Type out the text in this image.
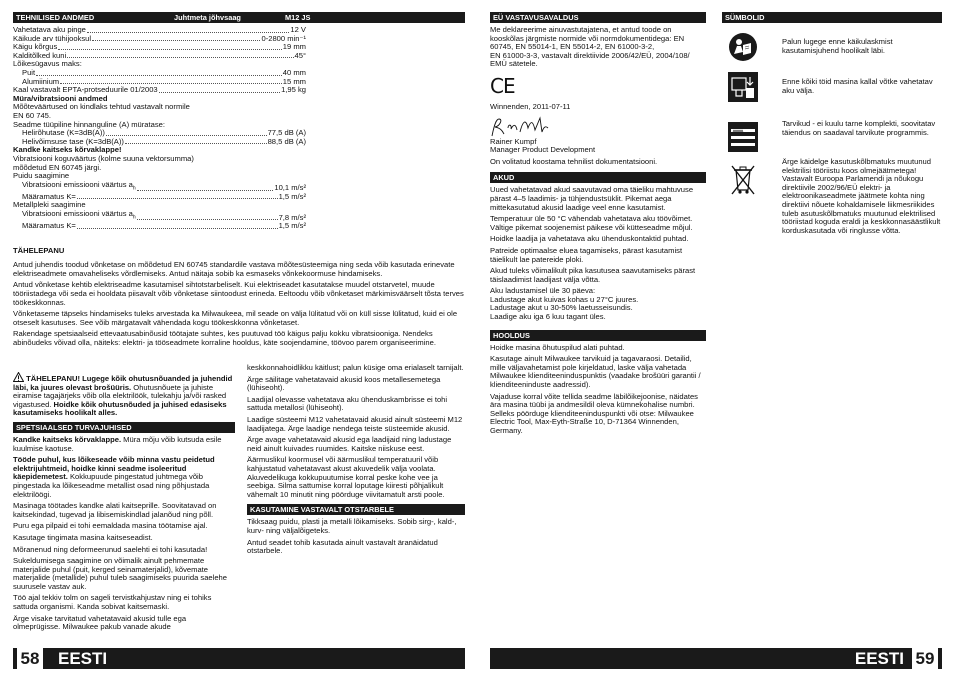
TEHNILISED ANDMED	Juhtmeta jõhvsaag	M12 JS
Vahetatava aku pinge	12 V
Käikude arv tühijooksul	0-2800 min⁻¹
Käigu kõrgus	19 mm
Kalditõlked kuni	45°
Lõikesügavus maks:
Puit	40 mm
Alumiinium	15 mm
Kaal vastavalt EPTA-protseduurile 01/2003	1,95 kg
Müra/vibratsiooni andmed
Mõõteväärtused on kindlaks tehtud vastavalt normile
EN 60 745.
Seadme tüüpiline hinnanguline (A) müratase:
Helirõhutase (K=3dB(A))	77,5 dB (A)
Helivõimsuse tase (K=3dB(A))	88,5 dB (A)
Kandke kaitseks kõrvaklappe!
Vibratsiooni koguväärtus (kolme suuna vektorsumma)
mõõdetud EN 60745 järgi.
Puidu saagimine
Vibratsiooni emissiooni väärtus $a_h$	10,1 m/s²
Määramatus K=	1,5 m/s²
Metallpleki saagimine
Vibratsiooni emissiooni väärtus $a_h$	7,8 m/s²
Määramatus K=	1,5 m/s²
TÄHELEPANU
Antud juhendis toodud võnketase on mõõdetud EN 60745 standardile vastava mõõtesüsteemiga ning seda võib kasutada erinevate elektriseadmete omavaheliseks võrdlemiseks. Antud näitaja sobib ka esmaseks võnkekoormuse hindamiseks.
Antud võnketase kehtib elektriseadme kasutamisel sihtotstarbeliselt. Kui elektriseadet kasutatakse muudel otstarvetel, muude tööriistadega või seda ei hooldata piisavalt võib võnketase siintoodust erineda. Eeltoodu võib võnketaset märkimisväärselt tõsta terves töökeskkonnas.
Võnketaseme täpseks hindamiseks tuleks arvestada ka Milwaukeea, mil seade on välja lülitatud või on küll sisse lülitatud, kuid ei ole otseselt kasutuses. See võib märgatavalt vähendada kogu töökeskkonna võnketaset.
Rakendage spetsiaalseid ettevaatusabinõusid töötajate suhtes, kes puutuvad töö käigus palju kokku vibratsiooniga. Nendeks abinõudeks võivad olla, näiteks: elektri- ja tööseadmete korraline hooldus, käte soojendamine, töövoo parem organiseerimine.
TÄHELEPANU! Lugege kõik ohutusnõuanded ja juhendid läbi, ka juures olevast brošüüris. Ohutusnõuete ja juhiste eiramise tagajärjeks võib olla elektrilöök, tulekahju ja/või rasked vigastused. Hoidke kõik ohutusnõuded ja juhised edasiseks kasutamiseks hoolikalt alles.
SPETSIAALSED TURVAJUHISED
Kandke kaitseks kõrvaklappe. Müra mõju võib kutsuda esile kuulmise kaotuse.
Tööde puhul, kus lõikeseade võib minna vastu peidetud elektrijuhtmeid, hoidke kinni seadme isoleeritud käepidemetest. Kokkupuude pingestatud juhtmega võib pingestada ka lõikeseadme metallist osad ning põhjustada elektrilöögi.
Masinaga töötades kandke alati kaitseprille. Soovitatavad on kaitsekindad, tugevad ja libisemiskindlad jalanõud ning põll.
Puru ega pilpaid ei tohi eemaldada masina töötamise ajal.
Kasutage tingimata masina kaitseseadist.
Mõranenud ning deformeerunud saelehti ei tohi kasutada!
Sukeldumisega saagimine on võimalik ainult pehmemate materjalide puhul (puit, kerged seinamaterjalid), kõvemate materjalide (metallide) puhul tuleb saagimiseks puurida saelehe suurusele vastav auk.
Töö ajal tekkiv tolm on sageli tervistkahjustav ning ei tohiks sattuda organismi. Kanda sobivat kaitsemaski.
Ärge visake tarvitatud vahetatavaid akusid tulle ega olmeprügisse. Milwaukee pakub vanade akude
keskkonnahoidlikku käitlust; palun küsige oma erialaselt tarnijalt.
Ärge säilitage vahetatavaid akusid koos metallesemetega (lühiseoht).
Laadijal olevasse vahetatava aku ühenduskambrisse ei tohi sattuda metallosi (lühiseoht).
Laadige süsteemi M12 vahetatavaid akusid ainult süsteemi M12 laadijatega. Ärge laadige nendega teiste süsteemide akusid.
Ärge avage vahetatavaid akusid ega laadijaid ning ladustage neid ainult kuivades ruumides. Kaitske niiskuse eest.
Äärmuslikul koormusel või äärmuslikul temperatuuril võib kahjustatud vahetatavast akust akuvedelik välja voolata. Akuvedelikuga kokkupuutumise korral peske kohe vee ja seebiga. Silma sattumise korral loputage kiiresti põhjalikult vähemalt 10 minutit ning pöörduge viivitamatult arsti poole.
KASUTAMINE VASTAVALT OTSTARBELE
Tikksaag puidu, plasti ja metalli lõikamiseks. Sobib sirg-, kald-, kurv- ning väljalõigeteks.
Antud seadet tohib kasutada ainult vastavalt äranäidatud otstarbele.
EÜ VASTAVUSAVALDUS
Me deklareerime ainuvastutajatena, et antud toode on kooskõlas järgmiste normide või normdokumentidega: EN
60745, EN 55014-1, EN 55014-2, EN 61000-3-2,
EN 61000-3-3, vastavalt direktiivide 2006/42/EÜ, 2004/108/
EMÜ sätetele.
CE
Winnenden, 2011-07-11
Rainer Kumpf
Manager Product Development
On volitatud koostama tehnilist dokumentatsiooni.
AKUD
Uued vahetatavad akud saavutavad oma täieliku mahtuvuse pärast 4–5 laadimis- ja tühjendustsüklit. Pikemat aega mittekasutatud akusid laadige veel enne kasutamist.
Temperatuur üle 50 °C vähendab vahetatava aku töövõimet. Vältige pikemat soojenemist päikese või kütteseadme mõjul.
Hoidke laadija ja vahetatava aku ühenduskontaktid puhtad.
Patreide optimaalse eluea tagamiseks, pärast kasutamist täielikult lae patereide ploki.
Akud tuleks võimalikult pika kasutusea saavutamiseks pärast täislaadimist laadijast välja võtta.
Aku ladustamisel üle 30 päeva:
Ladustage akut kuivas kohas u 27°C juures.
Ladustage akut u 30-50% laetusseisundis.
Laadige aku iga 6 kuu tagant üles.
HOOLDUS
Hoidke masina õhutuspilud alati puhtad.
Kasutage ainult Milwaukee tarvikuid ja tagavaraosi. Detailid, mille väljavahetamist pole kirjeldatud, laske välja vahetada Milwaukee klienditeeninduspunktis (vaadake brošüüri garantii / klienditeeninduste aadressid).
Vajaduse korral võite tellida seadme läbilõikejoonise, näidates ära masina tüübi ja andmesildil oleva kümnekohalise numbri. Selleks pöörduge klienditeeninduspunkti või otse: Milwaukee Electric Tool, Max-Eyth-Straße 10, D-71364 Winnenden, Germany.
SÜMBOLID
Palun lugege enne käikulaskmist kasutamisjuhend hoolikalt läbi.
Enne kõiki töid masina kallal võtke vahetatav aku välja.
Tarvikud - ei kuulu tarne komplekti, soovitatav täiendus on saadaval tarvikute programmis.
Ärge käidelge kasutuskõlbmatuks muutunud elektrilisi tööriistu koos olmejäätmetega! Vastavalt Euroopa Parlamendi ja nõukogu direktiivile 2002/96/EÜ elektri- ja elektroonikaseadmete jäätmete kohta ning direktiivi nõuete kohaldamisele liikmesriikides tuleb asutuskõlbmatuks muutunud elektrilised tööriistad koguda eraldi ja keskkonnasäästlikult korduskasutada või ringlusse võtta.
58 EESTI	EESTI 59
